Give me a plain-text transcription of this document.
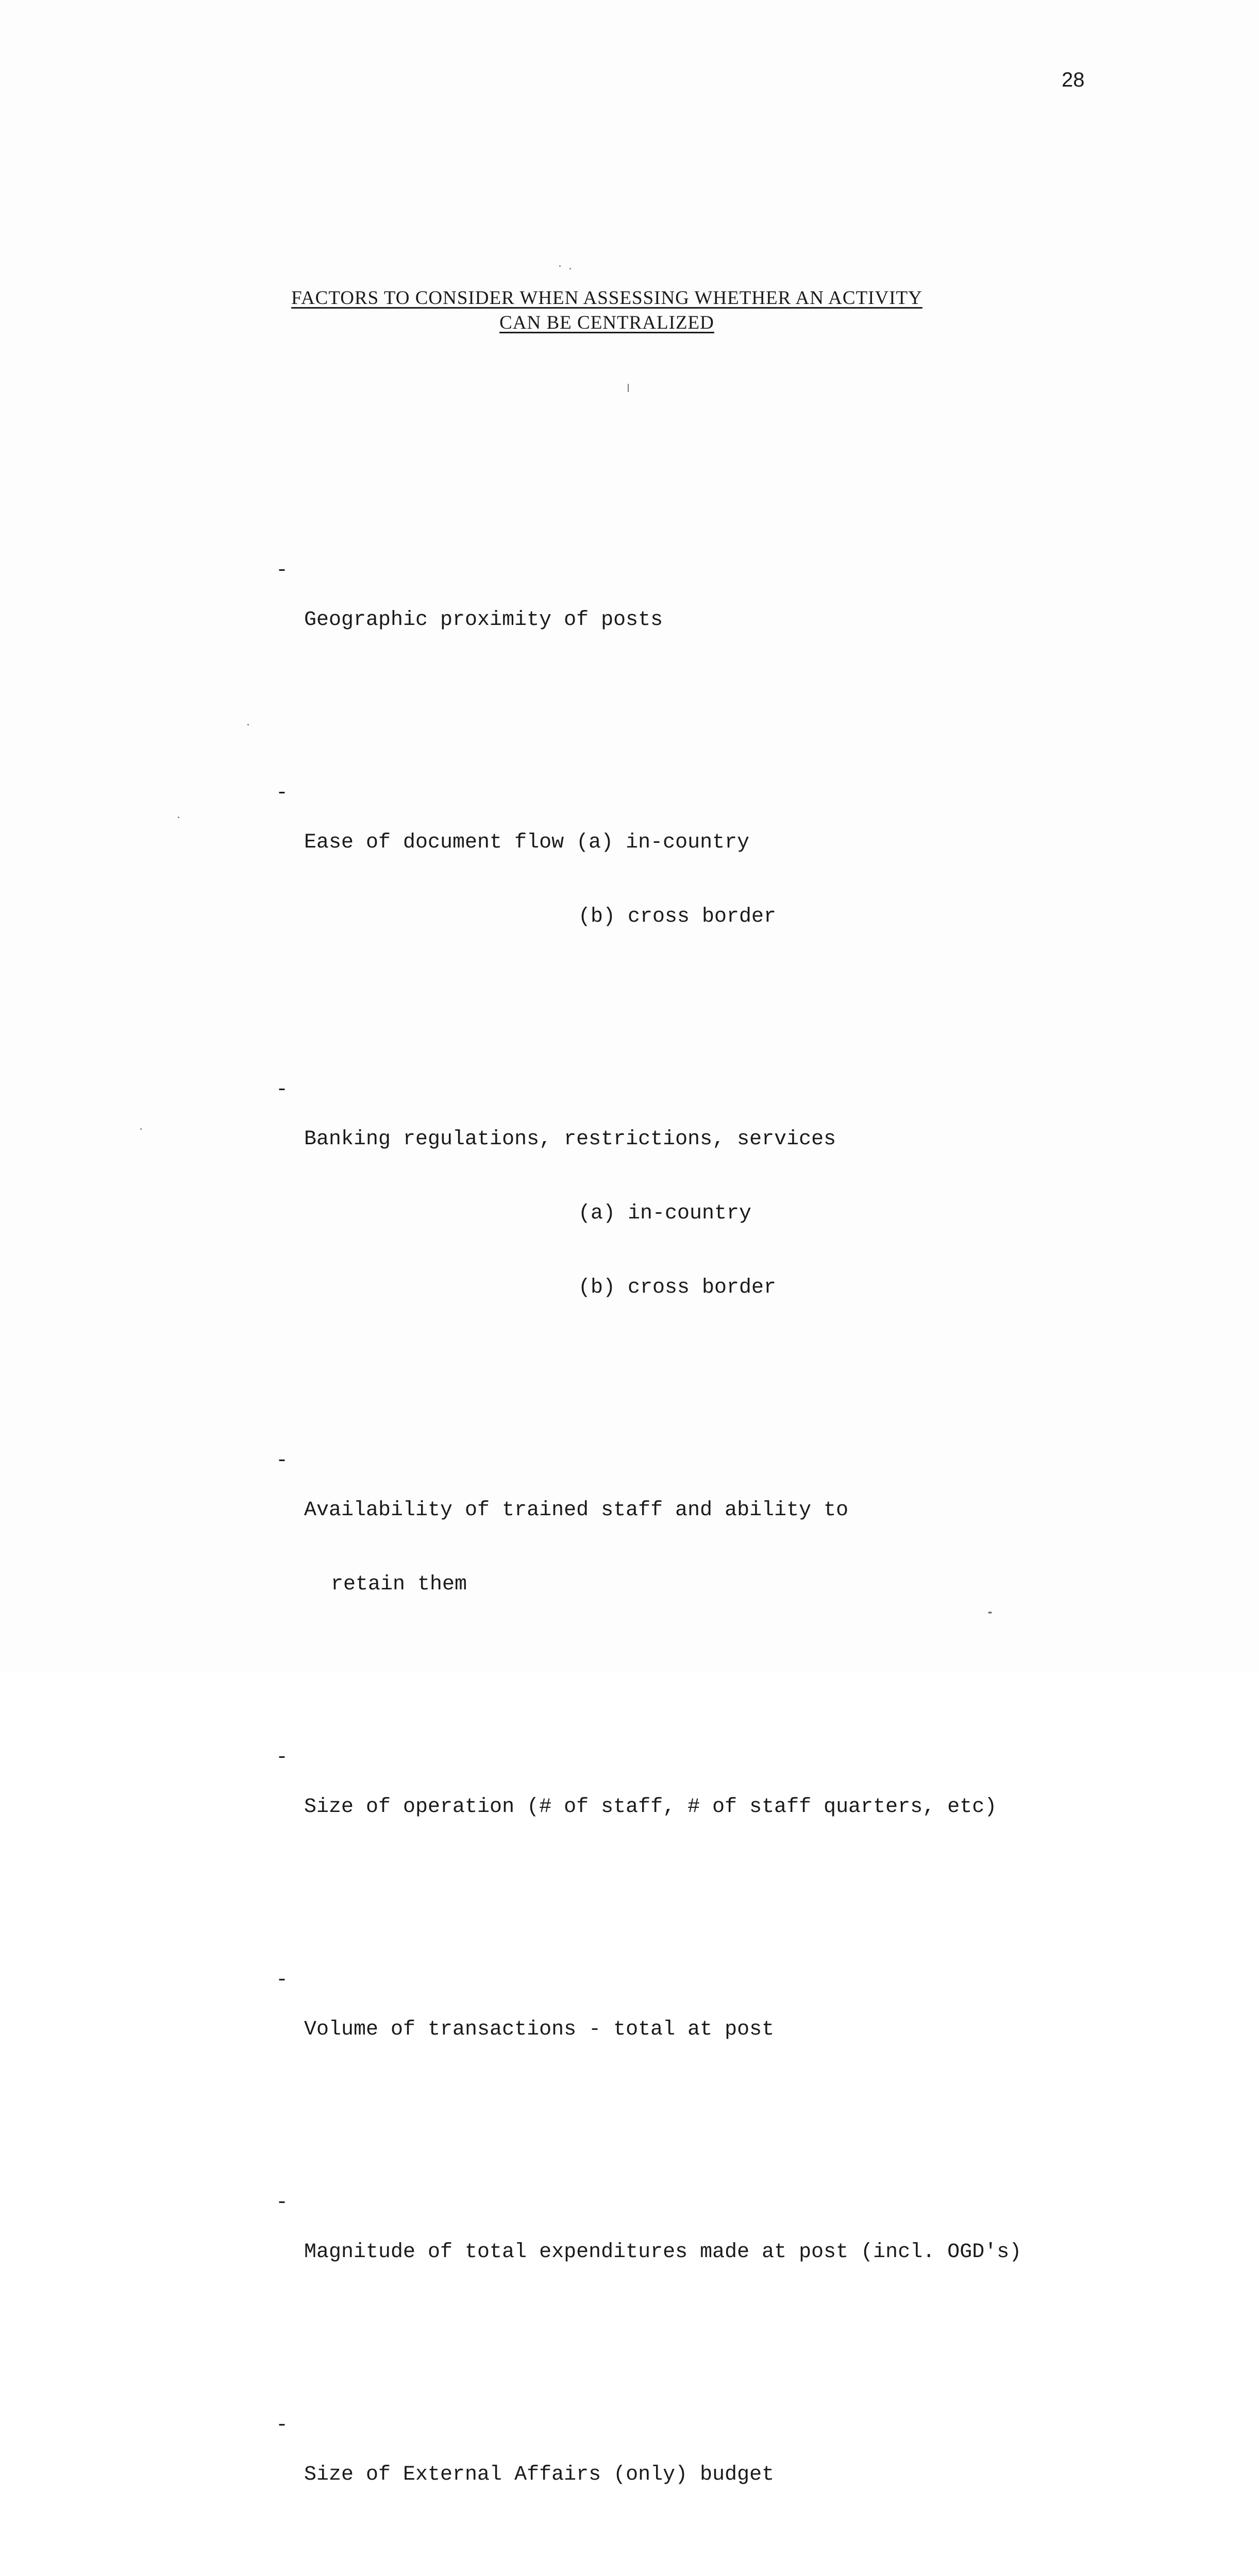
28
FACTORS TO CONSIDER WHEN ASSESSING WHETHER AN ACTIVITY
CAN BE CENTRALIZED

-

Geographic proximity of posts

-

Ease of document flow (a) in-country

(b) cross border

-

Banking regulations, restrictions, services

(a) in-country

(b) cross border

-

Availability of trained staff and ability to

retain them

-

Size of operation (# of staff, # of staff quarters, etc)

-

Volume of transactions - total at post

-

Magnitude of total expenditures made at post (incl. OGD's)

-

Size of External Affairs (only) budget
